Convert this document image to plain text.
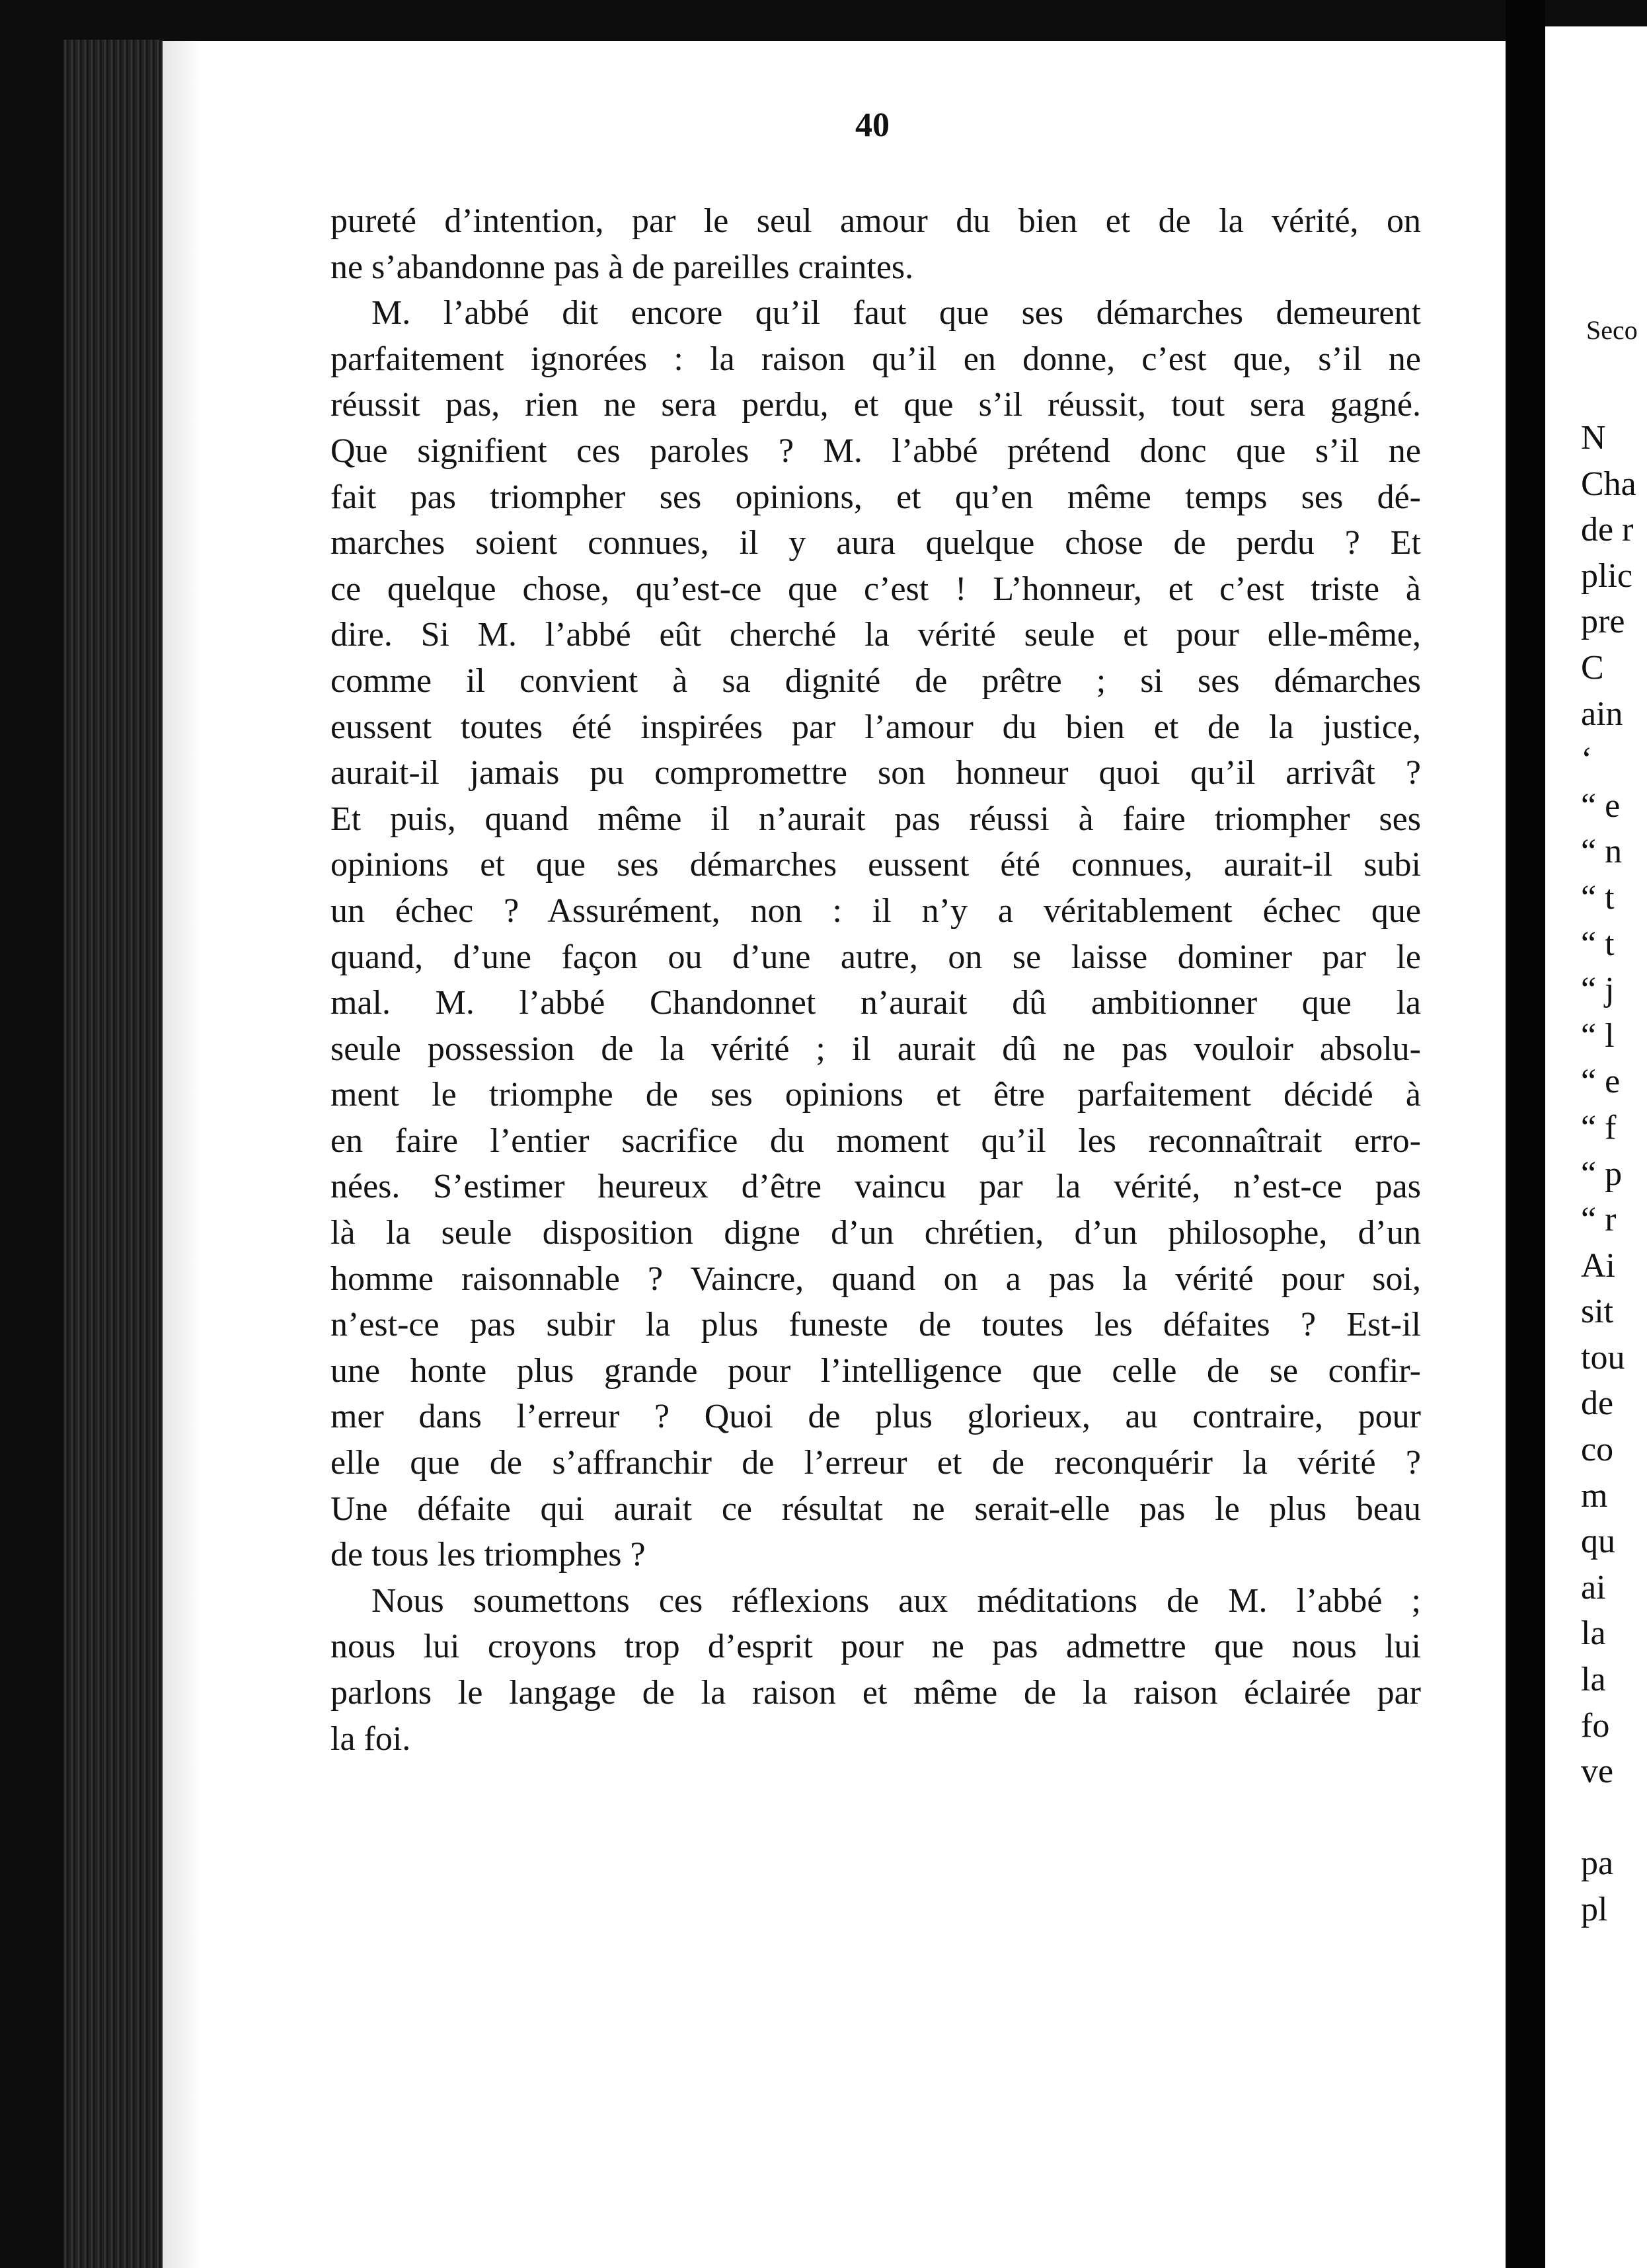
40
pureté d’intention, par le seul amour du bien et de la vérité, on
ne s’abandonne pas à de pareilles craintes.
M. l’abbé dit encore qu’il faut que ses démarches demeurent
parfaitement ignorées : la raison qu’il en donne, c’est que, s’il ne
réussit pas, rien ne sera perdu, et que s’il réussit, tout sera gagné.
Que signifient ces paroles ? M. l’abbé prétend donc que s’il ne
fait pas triompher ses opinions, et qu’en même temps ses dé-
marches soient connues, il y aura quelque chose de perdu ? Et
ce quelque chose, qu’est-ce que c’est ! L’honneur, et c’est triste à
dire. Si M. l’abbé eût cherché la vérité seule et pour elle-même,
comme il convient à sa dignité de prêtre ; si ses démarches
eussent toutes été inspirées par l’amour du bien et de la justice,
aurait-il jamais pu compromettre son honneur quoi qu’il arrivât ?
Et puis, quand même il n’aurait pas réussi à faire triompher ses
opinions et que ses démarches eussent été connues, aurait-il subi
un échec ? Assurément, non : il n’y a véritablement échec que
quand, d’une façon ou d’une autre, on se laisse dominer par le
mal. M. l’abbé Chandonnet n’aurait dû ambitionner que la
seule possession de la vérité ; il aurait dû ne pas vouloir absolu-
ment le triomphe de ses opinions et être parfaitement décidé à
en faire l’entier sacrifice du moment qu’il les reconnaîtrait erro-
nées. S’estimer heureux d’être vaincu par la vérité, n’est-ce pas
là la seule disposition digne d’un chrétien, d’un philosophe, d’un
homme raisonnable ? Vaincre, quand on a pas la vérité pour soi,
n’est-ce pas subir la plus funeste de toutes les défaites ? Est-il
une honte plus grande pour l’intelligence que celle de se confir-
mer dans l’erreur ? Quoi de plus glorieux, au contraire, pour
elle que de s’affranchir de l’erreur et de reconquérir la vérité ?
Une défaite qui aurait ce résultat ne serait-elle pas le plus beau
de tous les triomphes ?
Nous soumettons ces réflexions aux méditations de M. l’abbé ;
nous lui croyons trop d’esprit pour ne pas admettre que nous lui
parlons le langage de la raison et même de la raison éclairée par
la foi.
Seco
N
Cha
de r
plic
pre
C
ain
‘
“ e
“ n
“ t
“ t
“ j
“ l
“ e
“ f
“ p
“ r
Ai
sit
tou
de
co
m
qu
ai
la
la
fo
ve
pa
pl
